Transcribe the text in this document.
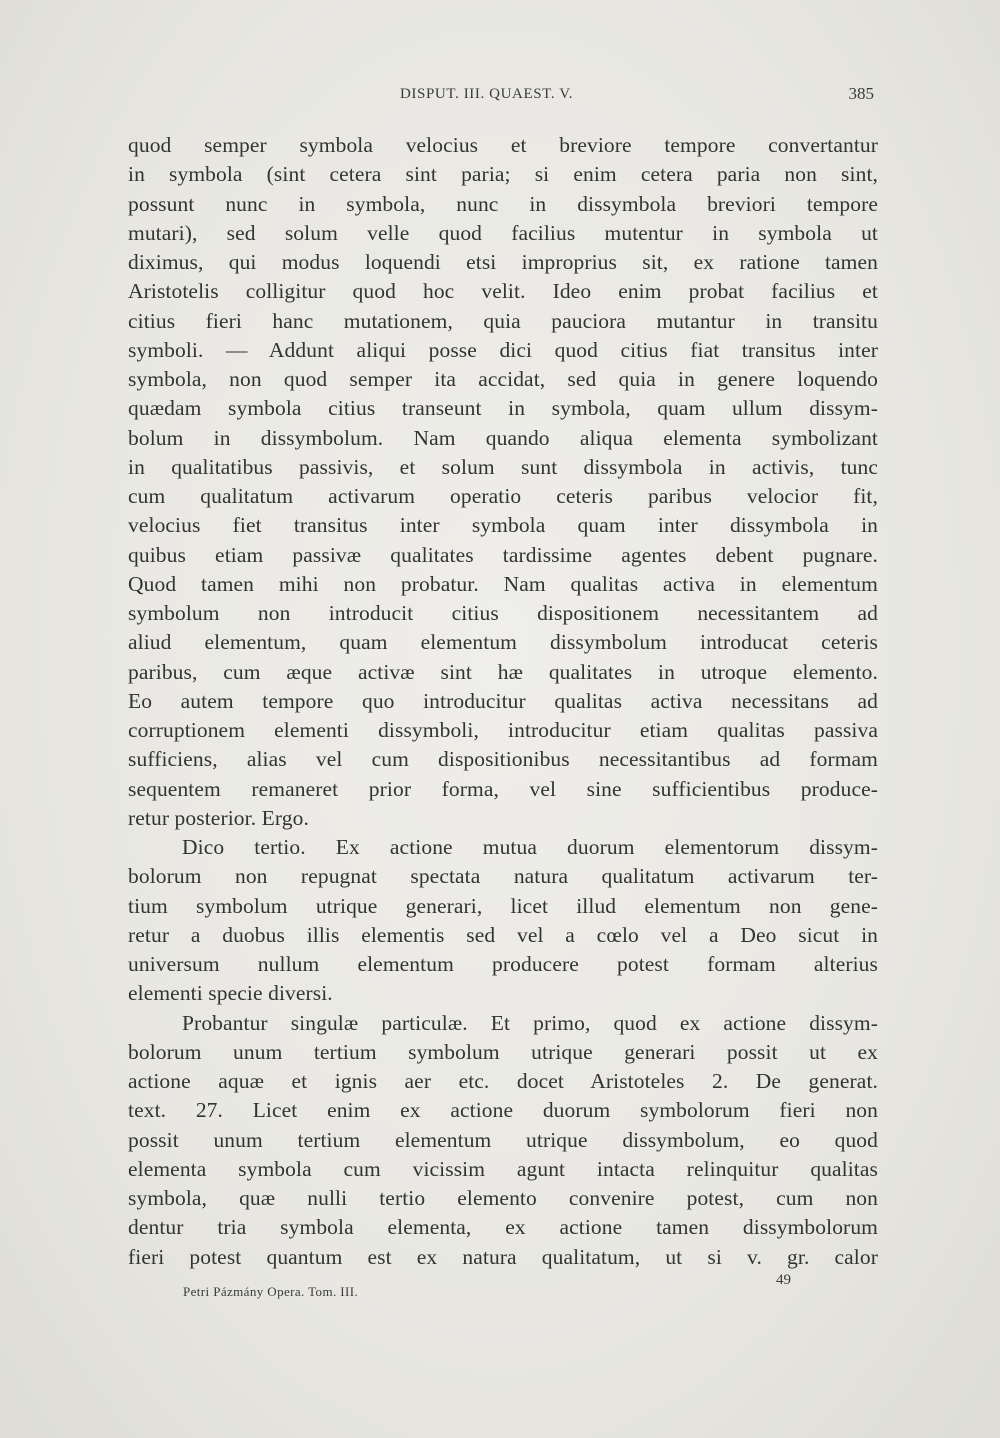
DISPUT. III. QUAEST. V.	385
quod semper symbola velocius et breviore tempore convertantur
in symbola (sint cetera sint paria; si enim cetera paria non sint,
possunt nunc in symbola, nunc in dissymbola breviori tempore
mutari), sed solum velle quod facilius mutentur in symbola ut
diximus, qui modus loquendi etsi improprius sit, ex ratione tamen
Aristotelis colligitur quod hoc velit. Ideo enim probat facilius et
citius fieri hanc mutationem, quia pauciora mutantur in transitu
symboli. — Addunt aliqui posse dici quod citius fiat transitus inter
symbola, non quod semper ita accidat, sed quia in genere loquendo
quædam symbola citius transeunt in symbola, quam ullum dissym-
bolum in dissymbolum. Nam quando aliqua elementa symbolizant
in qualitatibus passivis, et solum sunt dissymbola in activis, tunc
cum qualitatum activarum operatio ceteris paribus velocior fit,
velocius fiet transitus inter symbola quam inter dissymbola in
quibus etiam passivæ qualitates tardissime agentes debent pugnare.
Quod tamen mihi non probatur. Nam qualitas activa in elementum
symbolum non introducit citius dispositionem necessitantem ad
aliud elementum, quam elementum dissymbolum introducat ceteris
paribus, cum æque activæ sint hæ qualitates in utroque elemento.
Eo autem tempore quo introducitur qualitas activa necessitans ad
corruptionem elementi dissymboli, introducitur etiam qualitas passiva
sufficiens, alias vel cum dispositionibus necessitantibus ad formam
sequentem remaneret prior forma, vel sine sufficientibus produce-
retur posterior. Ergo.
Dico tertio. Ex actione mutua duorum elementorum dissym-
bolorum non repugnat spectata natura qualitatum activarum ter-
tium symbolum utrique generari, licet illud elementum non gene-
retur a duobus illis elementis sed vel a cœlo vel a Deo sicut in
universum nullum elementum producere potest formam alterius
elementi specie diversi.
Probantur singulæ particulæ. Et primo, quod ex actione dissym-
bolorum unum tertium symbolum utrique generari possit ut ex
actione aquæ et ignis aer etc. docet Aristoteles 2. De generat.
text. 27. Licet enim ex actione duorum symbolorum fieri non
possit unum tertium elementum utrique dissymbolum, eo quod
elementa symbola cum vicissim agunt intacta relinquitur qualitas
symbola, quæ nulli tertio elemento convenire potest, cum non
dentur tria symbola elementa, ex actione tamen dissymbolorum
fieri potest quantum est ex natura qualitatum, ut si v. gr. calor
Petri Pázmány Opera. Tom. III.
49
